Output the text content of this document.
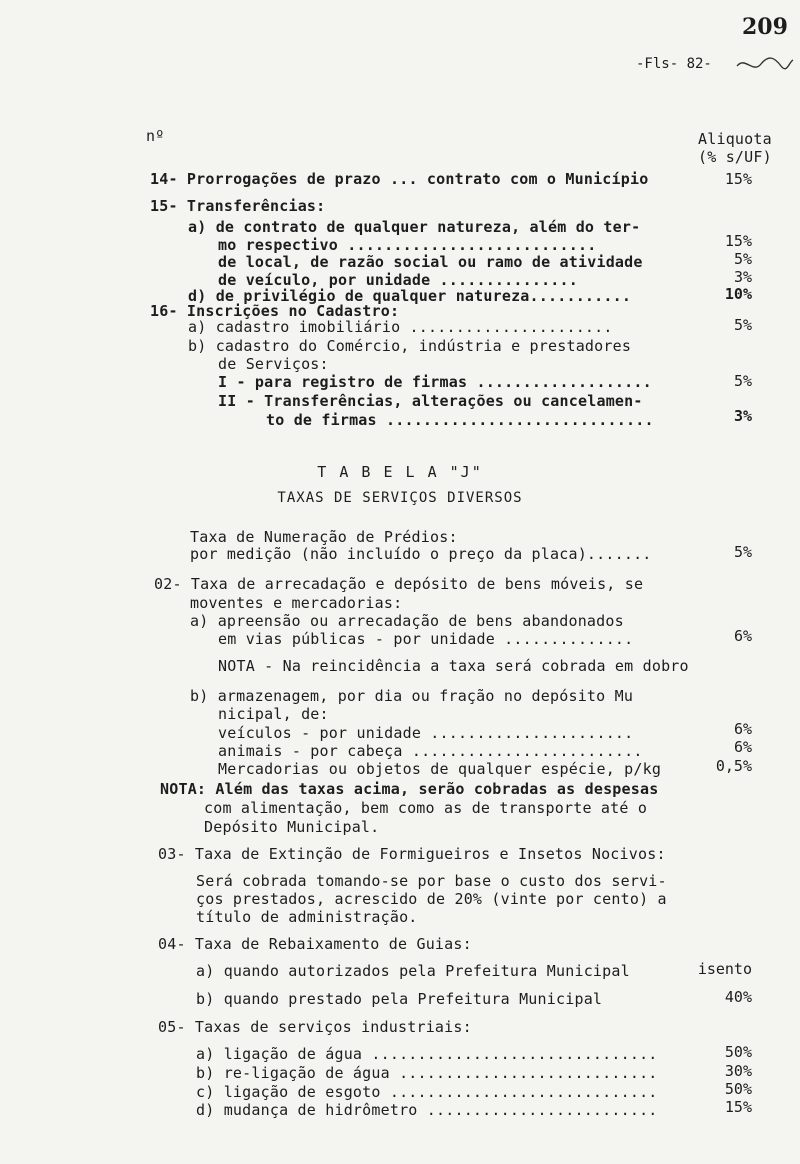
209
-Fls- 82-
nº	Aliquota
(% s/UF)
14- Prorrogações de prazo ... contrato com o Município	15%
15- Transferências:
a) de contrato de qualquer natureza, além do ter-
mo respectivo ...........................	15%
de local, de razão social ou ramo de atividade	5%
de veículo, por unidade ...............	3%
d) de privilégio de qualquer natureza...........	10%
16- Inscrições no Cadastro:
a) cadastro imobiliário ......................	5%
b) cadastro do Comércio, indústria e prestadores
de Serviços:
I - para registro de firmas ...................	5%
II - Transferências, alterações ou cancelamen-
to de firmas .............................	3%
T A B E L A "J"
TAXAS DE SERVIÇOS DIVERSOS
Taxa de Numeração de Prédios:
por medição (não incluído o preço da placa).......	5%
02- Taxa de arrecadação e depósito de bens móveis, se
moventes e mercadorias:
a) apreensão ou arrecadação de bens abandonados
em vias públicas - por unidade ..............	6%
NOTA - Na reincidência a taxa será cobrada em dobro
b) armazenagem, por dia ou fração no depósito Mu
nicipal, de:
veículos - por unidade ......................	6%
animais - por cabeça .........................	6%
Mercadorias ou objetos de qualquer espécie, p/kg	0,5%
NOTA: Além das taxas acima, serão cobradas as despesas
com alimentação, bem como as de transporte até o
Depósito Municipal.
03- Taxa de Extinção de Formigueiros e Insetos Nocivos:
Será cobrada tomando-se por base o custo dos servi-
ços prestados, acrescido de 20% (vinte por cento) a
título de administração.
04- Taxa de Rebaixamento de Guias:
a) quando autorizados pela Prefeitura Municipal	isento
b) quando prestado pela Prefeitura Municipal	40%
05- Taxas de serviços industriais:
a) ligação de água ...............................	50%
b) re-ligação de água ............................	30%
c) ligação de esgoto .............................	50%
d) mudança de hidrômetro .........................	15%
